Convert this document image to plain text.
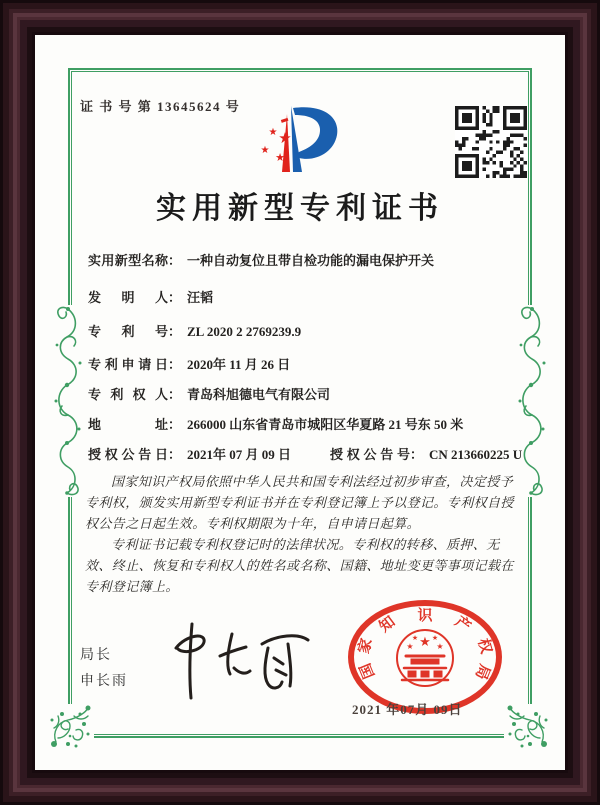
证 书 号 第 13645624 号
★ ★
★
★
实用新型专利证书
实用新型名称： 一种自动复位且带自检功能的漏电保护开关
发明人： 汪韬
专利号： ZL 2020 2 2769239.9
专利申请日： 2020年 11 月 26 日
专利权人： 青岛科旭德电气有限公司
地址： 266000 山东省青岛市城阳区华夏路 21 号东 50 米
授权公告日： 2021年 07 月 09 日	授权公告号： CN 213660225 U

国家知识产权局依照中华人民共和国专利法经过初步审查，决定授予专利权，颁发实用新型专利证书并在专利登记簿上予以登记。专利权自授权公告之日起生效。专利权期限为十年，自申请日起算。

专利证书记载专利权登记时的法律状况。专利权的转移、质押、无效、终止、恢复和专利权人的姓名或名称、国籍、地址变更等事项记载在专利登记簿上。

局长
申长雨	国
家
知 识 产
权
局
★
★	★
★ ★
2021 年07月 09日
